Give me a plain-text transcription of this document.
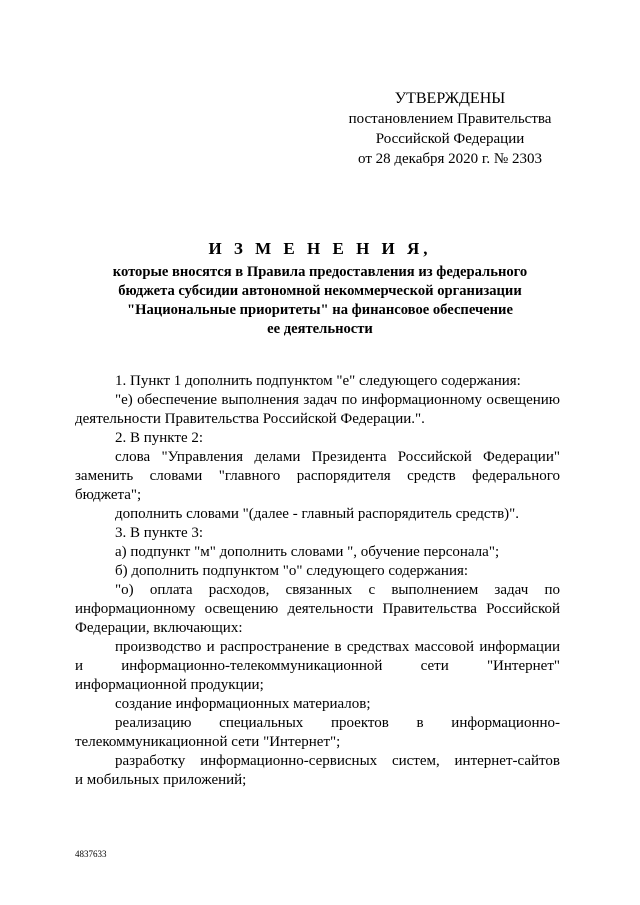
УТВЕРЖДЕНЫ
постановлением Правительства
Российской Федерации
от 28 декабря 2020 г. № 2303
И З М Е Н Е Н И Я,
которые вносятся в Правила предоставления из федерального
бюджета субсидии автономной некоммерческой организации
"Национальные приоритеты" на финансовое обеспечение
ее деятельности

1. Пункт 1 дополнить подпунктом "е" следующего содержания:

"е) обеспечение выполнения задач по информационному освещению

деятельности Правительства Российской Федерации.".

2. В пункте 2:

слова "Управления делами Президента Российской Федерации"

заменить словами "главного распорядителя средств федерального

бюджета";

дополнить словами "(далее - главный распорядитель средств)".

3. В пункте 3:

а) подпункт "м" дополнить словами ", обучение персонала";

б) дополнить подпунктом "о" следующего содержания:

"о) оплата расходов, связанных с выполнением задач по

информационному освещению деятельности Правительства Российской

Федерации, включающих:

производство и распространение в средствах массовой информации

и информационно-телекоммуникационной сети "Интернет"

информационной продукции;

создание информационных материалов;

реализацию специальных проектов в информационно-

телекоммуникационной сети "Интернет";

разработку информационно-сервисных систем, интернет-сайтов

и мобильных приложений;

4837633
